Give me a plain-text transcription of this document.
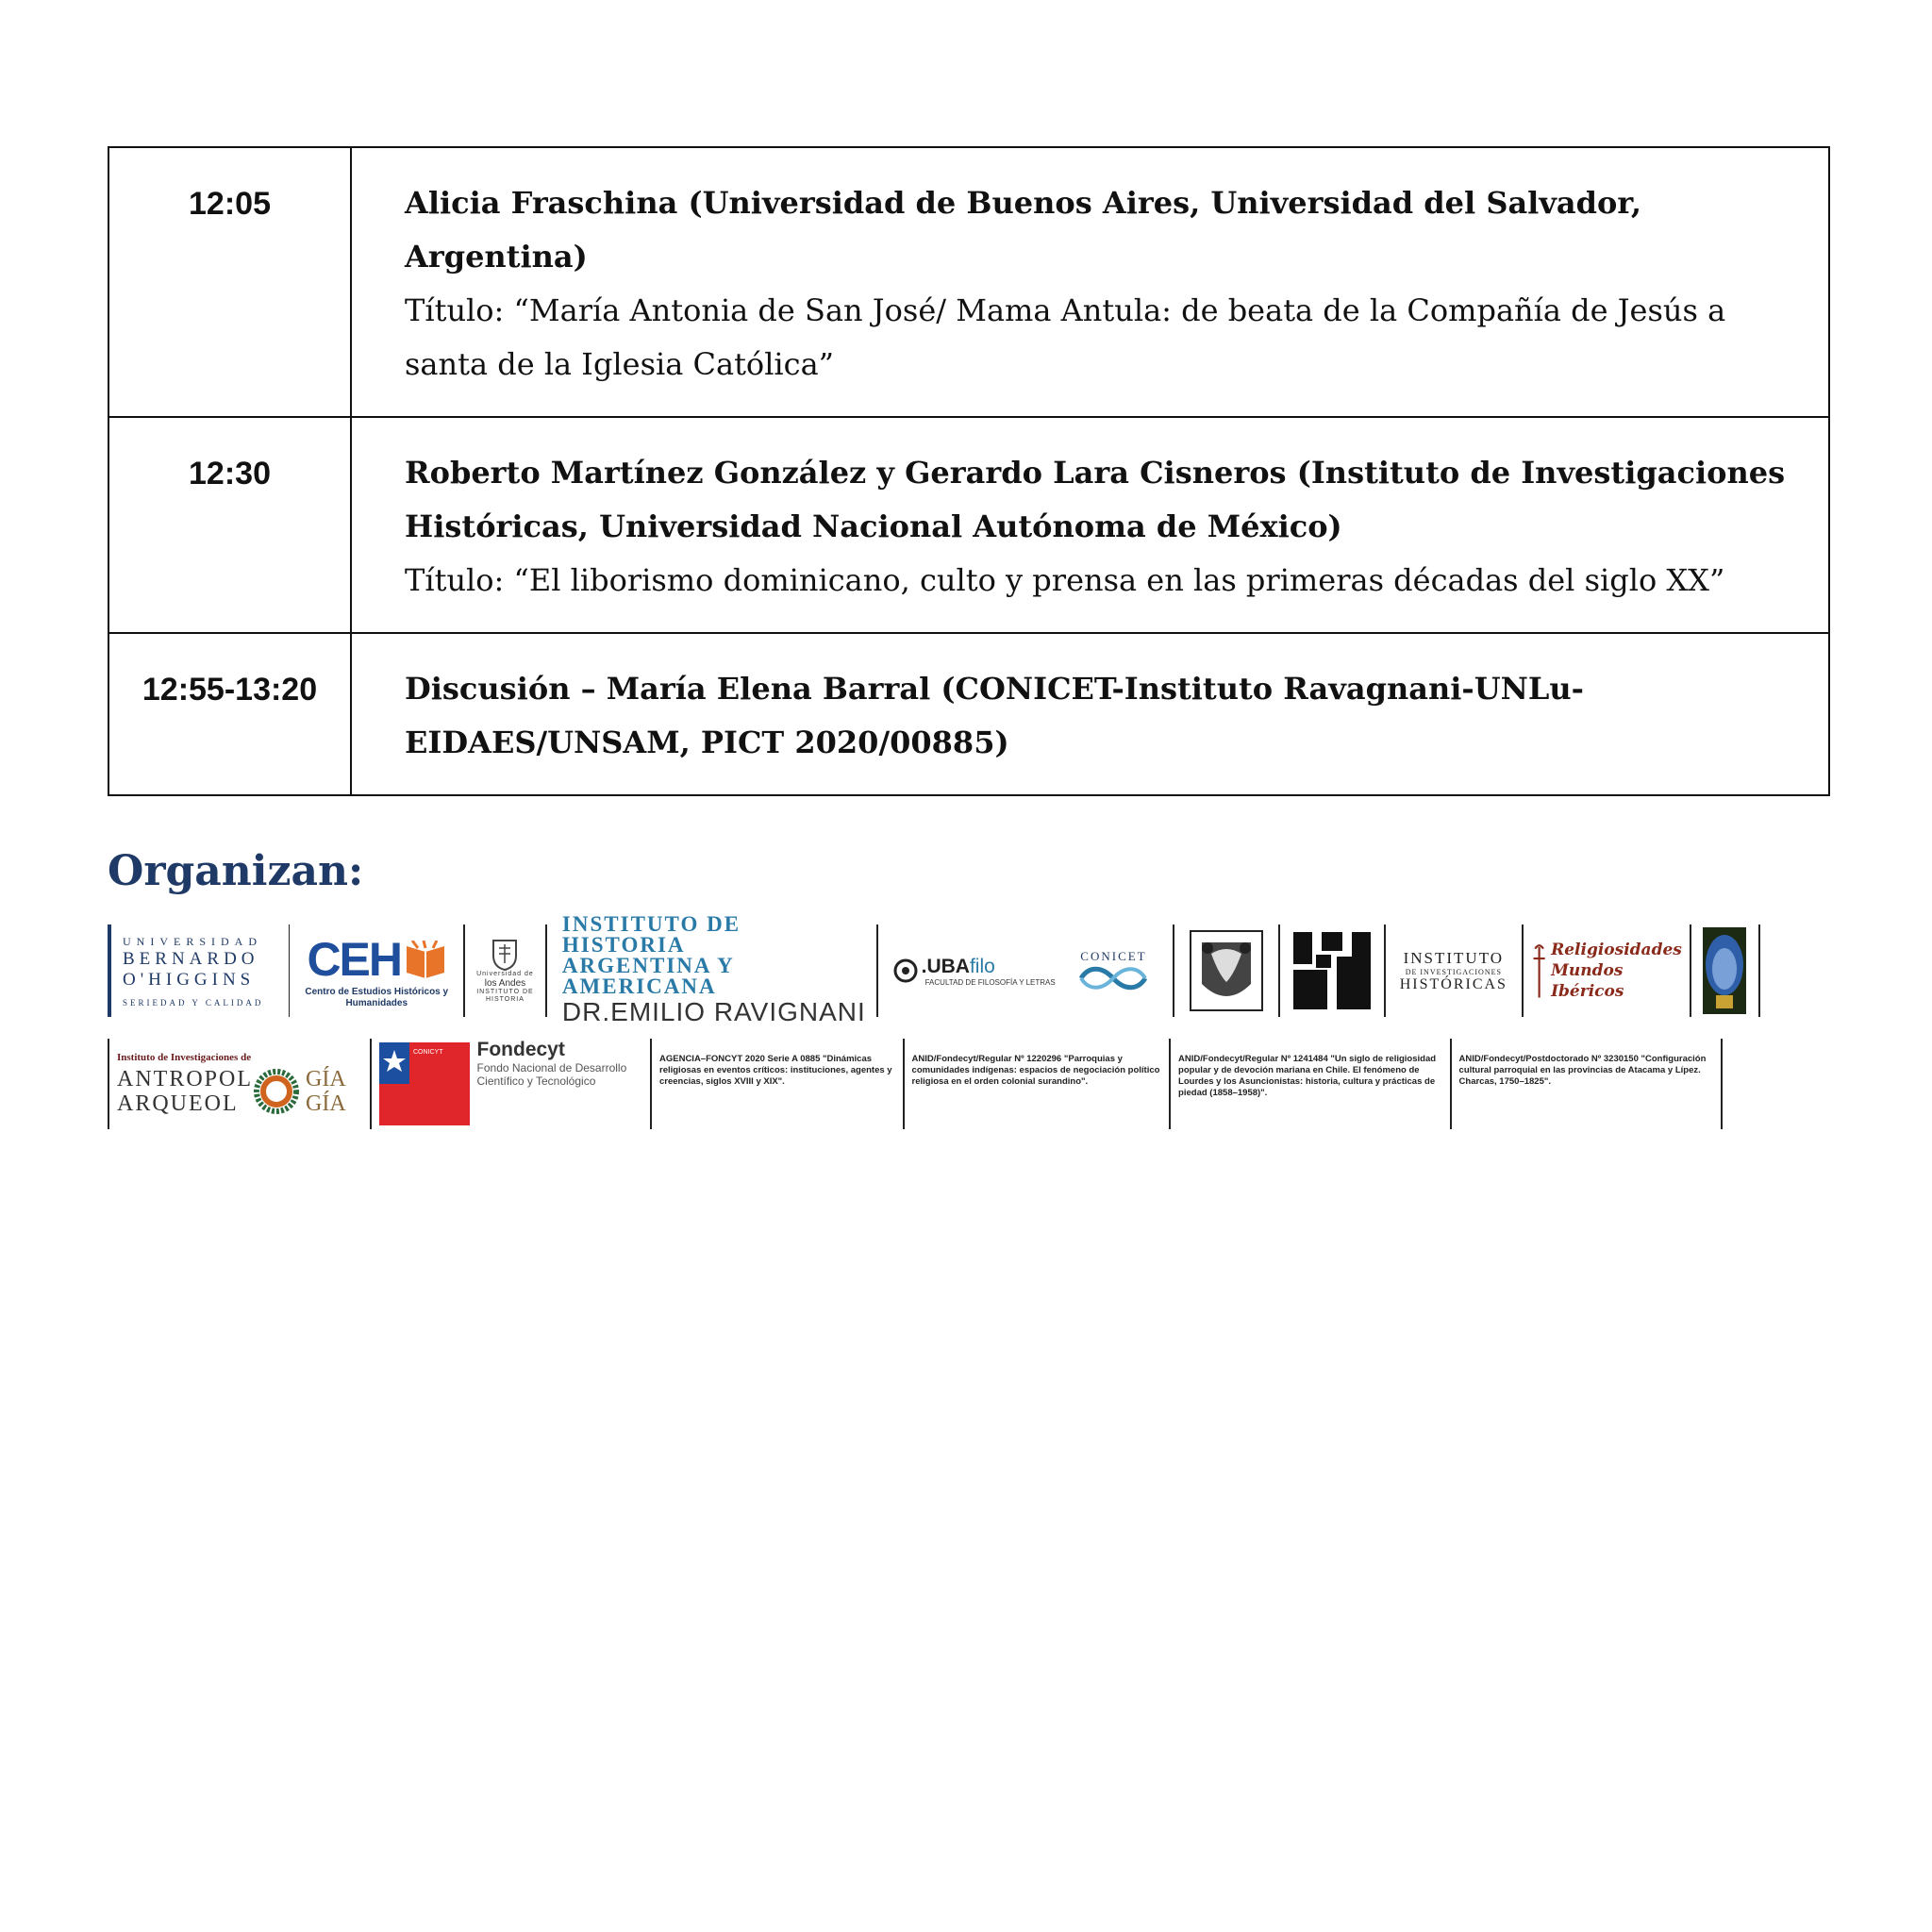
12:05	Alicia Fraschina (Universidad de Buenos Aires, Universidad del Salvador, Argentina)
Título: “María Antonia de San José/ Mama Antula: de beata de la Compañía de Jesús a santa de la Iglesia Católica”

12:30	Roberto Martínez González y Gerardo Lara Cisneros (Instituto de Investigaciones Históricas, Universidad Nacional Autónoma de México)
Título: “El liborismo dominicano, culto y prensa en las primeras décadas del siglo XX”

12:55-13:20	Discusión – María Elena Barral (CONICET-Instituto Ravagnani-UNLu- EIDAES/UNSAM, PICT 2020/00885)
Organizan:
UNIVERSIDAD
BERNARDO
O'HIGGINS
SERIEDAD Y CALIDAD
CEH
Centro de Estudios Históricos y Humanidades
Universidad de
los Andes
INSTITUTO DE HISTORIA
INSTITUTO DE HISTORIA
ARGENTINA Y AMERICANA
DR.EMILIO RAVIGNANI
.UBAfilo
FACULTAD DE FILOSOFÍA Y LETRAS
CONICET	INSTITUTO
DE INVESTIGACIONES
HISTÓRICAS
Religiosidades
Mundos
Ibéricos
Instituto de Investigaciones de
ANTROPOL
ARQUEOL
GÍA
GÍA
CONICYT Fondecyt
Fondo Nacional de Desarrollo
Científico y Tecnológico
AGENCIA–FONCYT 2020 Serie A 0885 "Dinámicas religiosas en eventos críticos: instituciones, agentes y creencias, siglos XVIII y XIX".
ANID/Fondecyt/Regular Nº 1220296 "Parroquias y comunidades indígenas: espacios de negociación político religiosa en el orden colonial surandino".
ANID/Fondecyt/Regular Nº 1241484 "Un siglo de religiosidad popular y de devoción mariana en Chile. El fenómeno de Lourdes y los Asuncionistas: historia, cultura y prácticas de piedad (1858–1958)".
ANID/Fondecyt/Postdoctorado Nº 3230150 "Configuración cultural parroquial en las provincias de Atacama y Lípez. Charcas, 1750–1825".
